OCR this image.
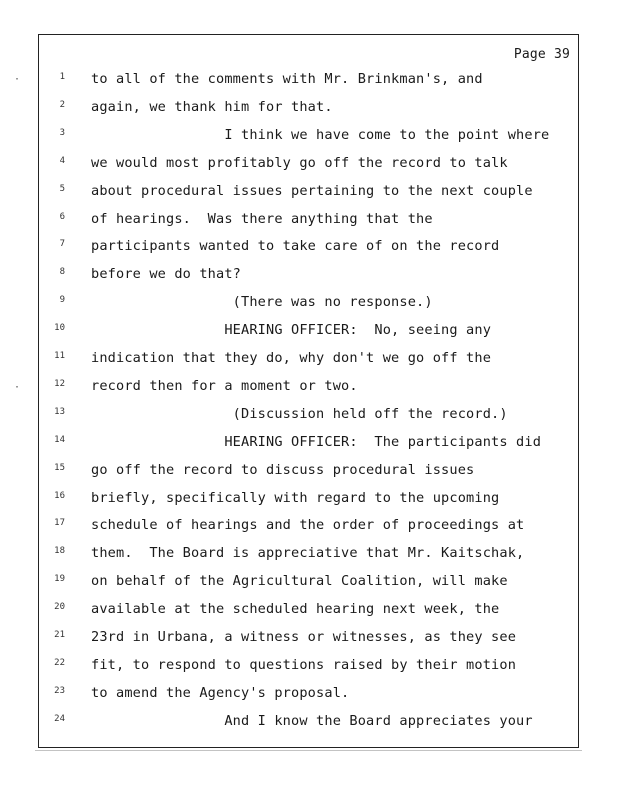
Page 39
1 to all of the comments with Mr. Brinkman's, and
2 again, we thank him for that.
3 I think we have come to the point where
4 we would most profitably go off the record to talk
5 about procedural issues pertaining to the next couple
6 of hearings.  Was there anything that the
7 participants wanted to take care of on the record
8 before we do that?
9 (There was no response.)
10 HEARING OFFICER:  No, seeing any
11 indication that they do, why don't we go off the
12 record then for a moment or two.
13 (Discussion held off the record.)
14 HEARING OFFICER:  The participants did
15 go off the record to discuss procedural issues
16 briefly, specifically with regard to the upcoming
17 schedule of hearings and the order of proceedings at
18 them.  The Board is appreciative that Mr. Kaitschak,
19 on behalf of the Agricultural Coalition, will make
20 available at the scheduled hearing next week, the
21 23rd in Urbana, a witness or witnesses, as they see
22 fit, to respond to questions raised by their motion
23 to amend the Agency's proposal.
24 And I know the Board appreciates your
·
·
